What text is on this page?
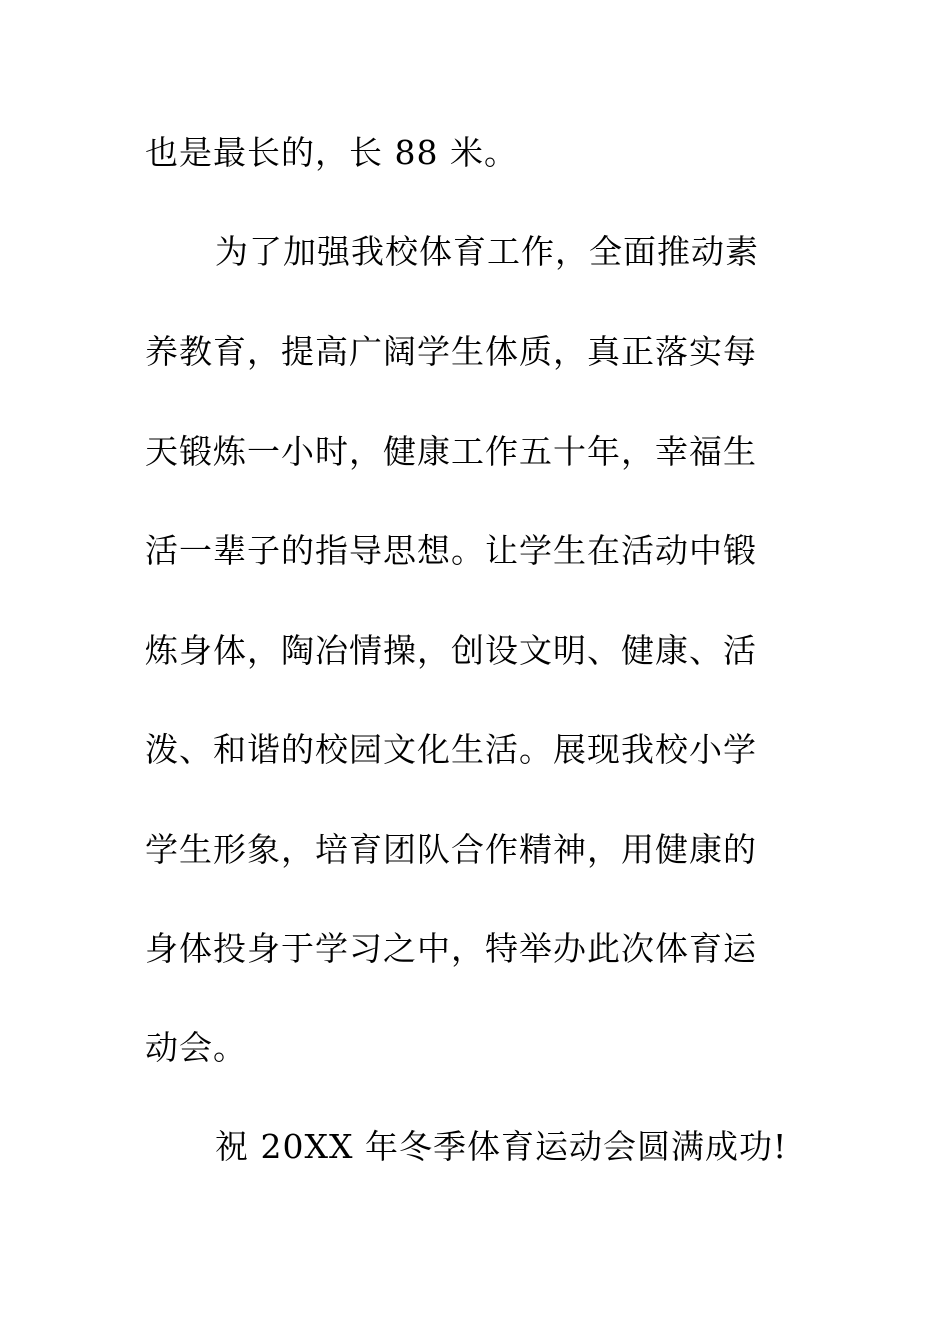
也是最长的，长 88 米。
为了加强我校体育工作，全面推动素
养教育，提高广阔学生体质，真正落实每
天锻炼一小时，健康工作五十年，幸福生
活一辈子的指导思想。让学生在活动中锻
炼身体，陶冶情操，创设文明、健康、活
泼、和谐的校园文化生活。展现我校小学
学生形象，培育团队合作精神，用健康的
身体投身于学习之中，特举办此次体育运
动会。
祝 20XX 年冬季体育运动会圆满成功!
